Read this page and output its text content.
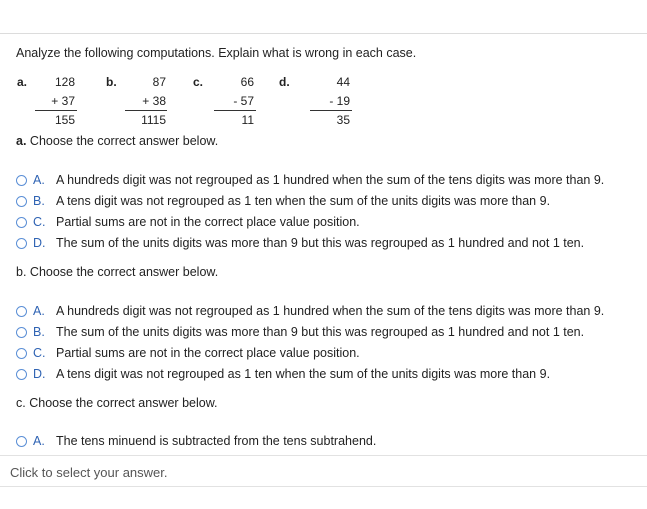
Analyze the following computations. Explain what is wrong in each case.
a.	128
+ 37
155
b.	87
+ 38
1115
c.	66
- 57
11
d.	44
- 19
35
a. Choose the correct answer below.
A. A hundreds digit was not regrouped as 1 hundred when the sum of the tens digits was more than 9.
B. A tens digit was not regrouped as 1 ten when the sum of the units digits was more than 9.
C. Partial sums are not in the correct place value position.
D. The sum of the units digits was more than 9 but this was regrouped as 1 hundred and not 1 ten.
b. Choose the correct answer below.
A. A hundreds digit was not regrouped as 1 hundred when the sum of the tens digits was more than 9.
B. The sum of the units digits was more than 9 but this was regrouped as 1 hundred and not 1 ten.
C. Partial sums are not in the correct place value position.
D. A tens digit was not regrouped as 1 ten when the sum of the units digits was more than 9.
c. Choose the correct answer below.
A. The tens minuend is subtracted from the tens subtrahend.
Click to select your answer.
